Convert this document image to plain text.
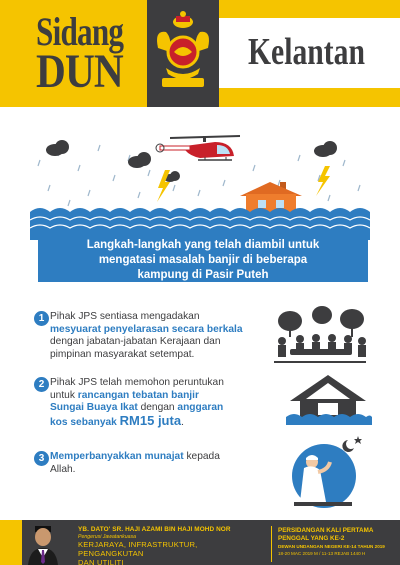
Sidang
DUN	Kelantan
Langkah-langkah yang telah diambil untuk
mengatasi masalah banjir di beberapa
kampung di Pasir Puteh
1 Pihak JPS sentiasa mengadakan
mesyuarat penyelarasan secara berkala
dengan jabatan-jabatan Kerajaan dan
pimpinan masyarakat setempat.
2 Pihak JPS telah memohon peruntukan
untuk rancangan tebatan banjir
Sungai Buaya Ikat dengan anggaran
kos sebanyak RM15 juta.
3 Memperbanyakkan munajat kepada
Allah.
YB. DATO' SR. HAJI AZAMI BIN HAJI MOHD NOR
Pengerusi Jawatankuasa
KERJARAYA, INFRASTRUKTUR, PENGANGKUTAN
DAN UTILITI
PERSIDANGAN KALI PERTAMA
PENGGAL YANG KE-2
DEWAN UNDANGAN NEGERI KE-14 TAHUN 2019
18-20 MAC 2019 M / 11-13 REJAB 1440 H
